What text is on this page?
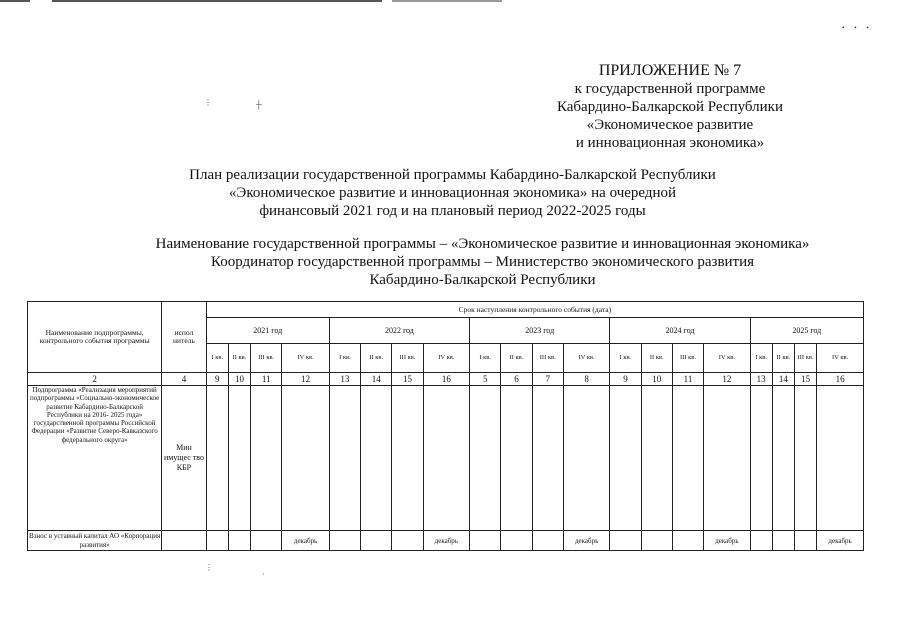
• • •
⋮	┼
⋮
·
ПРИЛОЖЕНИЕ № 7
к государственной программе
Кабардино-Балкарской Республики
«Экономическое развитие
и инновационная экономика»
План реализации государственной программы Кабардино-Балкарской Республики
«Экономическое развитие и инновационная экономика» на очередной
финансовый 2021 год и на плановый период 2022-2025 годы
Наименование государственной программы – «Экономическое развитие и инновационная экономика»
Координатор государственной программы – Министерство экономического развития
Кабардино-Балкарской Республики
Наименование подпрограммы, контрольного события программы	испол нитель	Срок наступления контрольного события (дата)																			
		2021 год				2022 год				2023 год				2024 год				2025 год			
		I кв.	II кв.	III кв.	IV кв.	I кв.	II кв.	III кв.	IV кв.	I кв.	II кв.	III кв.	IV кв.	I кв.	II кв.	III кв.	IV кв.	I кв.	II кв.	III кв.	IV кв.
2	4	9	10	11	12	13	14	15	16	5	6	7	8	9	10	11	12	13	14	15	16
Подпрограмма «Реализация мероприятий подпрограммы «Социально-экономическое развитие Кабардино-Балкарской Республики на 2016- 2025 года» государственной программы Российской Федерации «Развитие Северо-Кавказского федерального округа»	Мин имущес тво КБР																				
Взнос в уставный капитал АО «Корпорация развития»					декабрь				декабрь				декабрь				декабрь				декабрь
